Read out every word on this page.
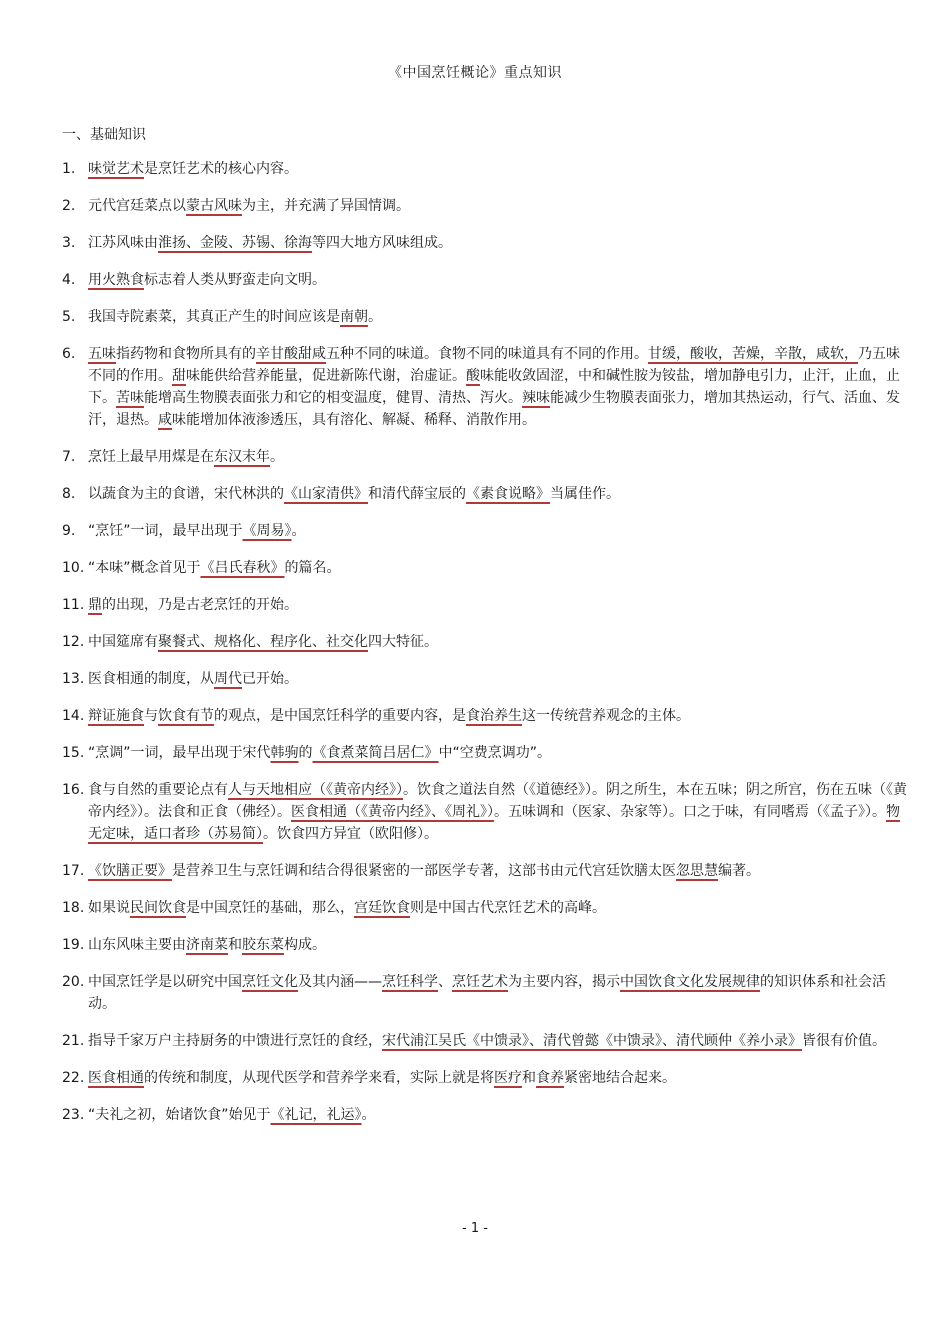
《中国烹饪概论》重点知识
一、基础知识
1. 味觉艺术是烹饪艺术的核心内容。
2. 元代宫廷菜点以蒙古风味为主，并充满了异国情调。
3. 江苏风味由淮扬、金陵、苏锡、徐海等四大地方风味组成。
4. 用火熟食标志着人类从野蛮走向文明。
5. 我国寺院素菜，其真正产生的时间应该是南朝。
6. 五味指药物和食物所具有的辛甘酸甜咸五种不同的味道。食物不同的味道具有不同的作用。甘缓，酸收，苦燥，辛散，咸软，乃五味不同的作用。甜味能供给营养能量，促进新陈代谢，治虚证。酸味能收敛固涩，中和碱性胺为铵盐，增加静电引力，止汗，止血，止下。苦味能增高生物膜表面张力和它的相变温度，健胃、清热、泻火。辣味能减少生物膜表面张力，增加其热运动，行气、活血、发汗，退热。咸味能增加体液渗透压，具有溶化、解凝、稀释、消散作用。
7. 烹饪上最早用煤是在东汉末年。
8. 以蔬食为主的食谱，宋代林洪的《山家清供》和清代薛宝辰的《素食说略》当属佳作。
9. “烹饪”一词，最早出现于《周易》。
10. “本味”概念首见于《吕氏春秋》的篇名。
11. 鼎的出现，乃是古老烹饪的开始。
12. 中国筵席有聚餐式、规格化、程序化、社交化四大特征。
13. 医食相通的制度，从周代已开始。
14. 辩证施食与饮食有节的观点，是中国烹饪科学的重要内容，是食治养生这一传统营养观念的主体。
15. “烹调”一词，最早出现于宋代韩驹的《食煮菜简吕居仁》中“空费烹调功”。
16. 食与自然的重要论点有人与天地相应（《黄帝内经》）。饮食之道法自然（《道德经》）。阴之所生，本在五味；阴之所宫，伤在五味（《黄帝内经》）。法食和正食（佛经）。医食相通（《黄帝内经》、《周礼》）。五味调和（医家、杂家等）。口之于味，有同嗜焉（《孟子》）。物无定味，适口者珍（苏易简）。饮食四方异宜（欧阳修）。
17. 《饮膳正要》是营养卫生与烹饪调和结合得很紧密的一部医学专著，这部书由元代宫廷饮膳太医忽思慧编著。
18. 如果说民间饮食是中国烹饪的基础，那么，宫廷饮食则是中国古代烹饪艺术的高峰。
19. 山东风味主要由济南菜和胶东菜构成。
20. 中国烹饪学是以研究中国烹饪文化及其内涵——烹饪科学、烹饪艺术为主要内容，揭示中国饮食文化发展规律的知识体系和社会活动。
21. 指导千家万户主持厨务的中馈进行烹饪的食经，宋代浦江吴氏《中馈录》、清代曾懿《中馈录》、清代顾仲《养小录》皆很有价值。
22. 医食相通的传统和制度，从现代医学和营养学来看，实际上就是将医疗和食养紧密地结合起来。
23. “夫礼之初，始诸饮食”始见于《礼记，礼运》。
- 1 -
